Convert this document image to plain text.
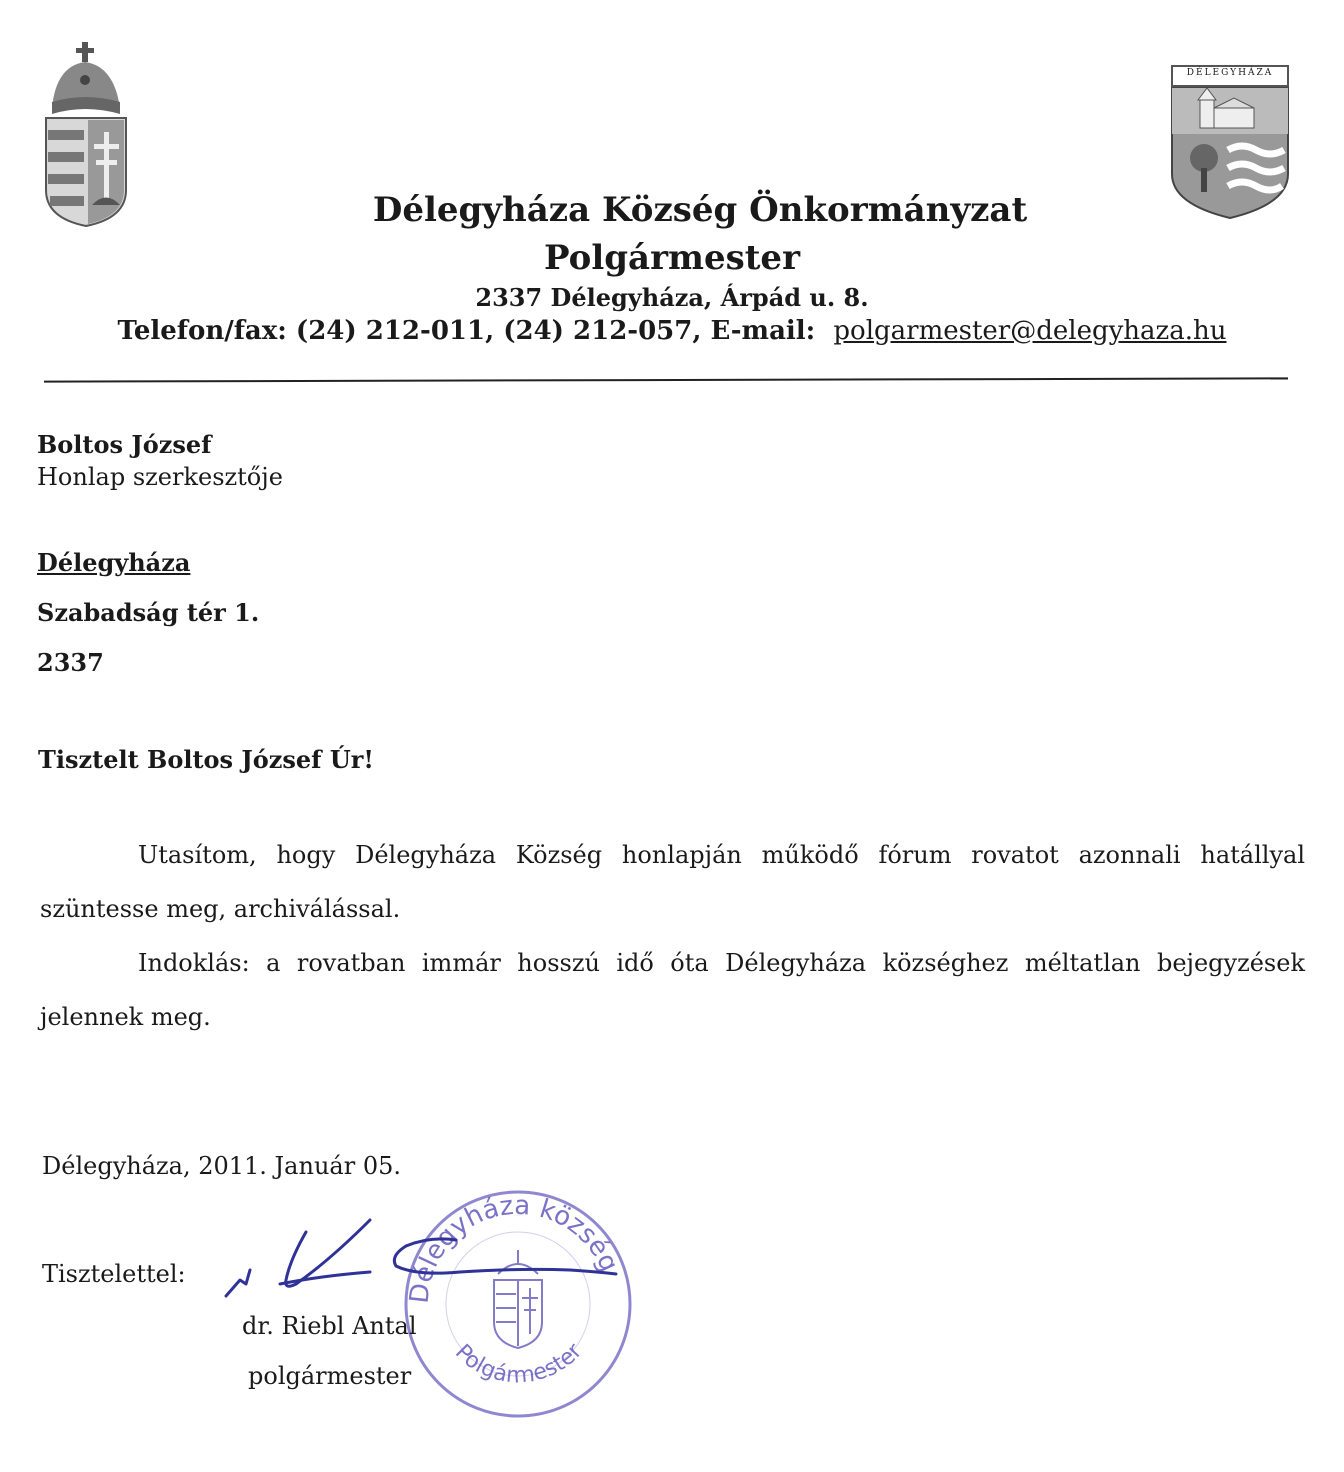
DÉLEGYHÁZA
Délegyháza Község Önkormányzat
Polgármester
2337 Délegyháza, Árpád u. 8.
Telefon/fax: (24) 212-011, (24) 212-057, E-mail: polgarmester@delegyhaza.hu
Boltos József
Honlap szerkesztője
Délegyháza
Szabadság tér 1.
2337
Tisztelt Boltos József Úr!
Utasítom, hogy Délegyháza Község honlapján működő fórum rovatot azonnali hatállyal szüntesse meg, archiválással.
Indoklás: a rovatban immár hosszú idő óta Délegyháza községhez méltatlan bejegyzések jelennek meg.
Délegyháza, 2011. Január 05.
Tisztelettel:
Délegyháza község
Polgármester
dr. Riebl Antal
polgármester
